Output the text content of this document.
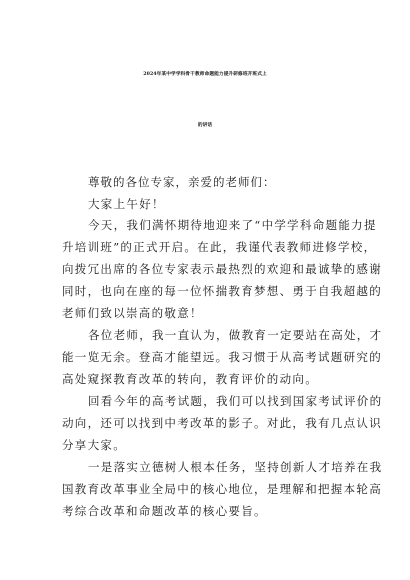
2024年某中学学科骨干教师命题能力提升研修班开班式上
的讲话
尊敬的各位专家，亲爱的老师们：
大家上午好！
今天，我们满怀期待地迎来了“中学学科命题能力提
升培训班”的正式开启。在此，我谨代表教师进修学校，
向拨冗出席的各位专家表示最热烈的欢迎和最诚挚的感谢
同时，也向在座的每一位怀揣教育梦想、勇于自我超越的
老师们致以崇高的敬意！
各位老师，我一直认为，做教育一定要站在高处，才
能一览无余。登高才能望远。我习惯于从高考试题研究的
高处窥探教育改革的转向，教育评价的动向。
回看今年的高考试题，我们可以找到国家考试评价的
动向，还可以找到中考改革的影子。对此，我有几点认识
分享大家。
一是落实立德树人根本任务，坚持创新人才培养在我
国教育改革事业全局中的核心地位，是理解和把握本轮高
考综合改革和命题改革的核心要旨。
